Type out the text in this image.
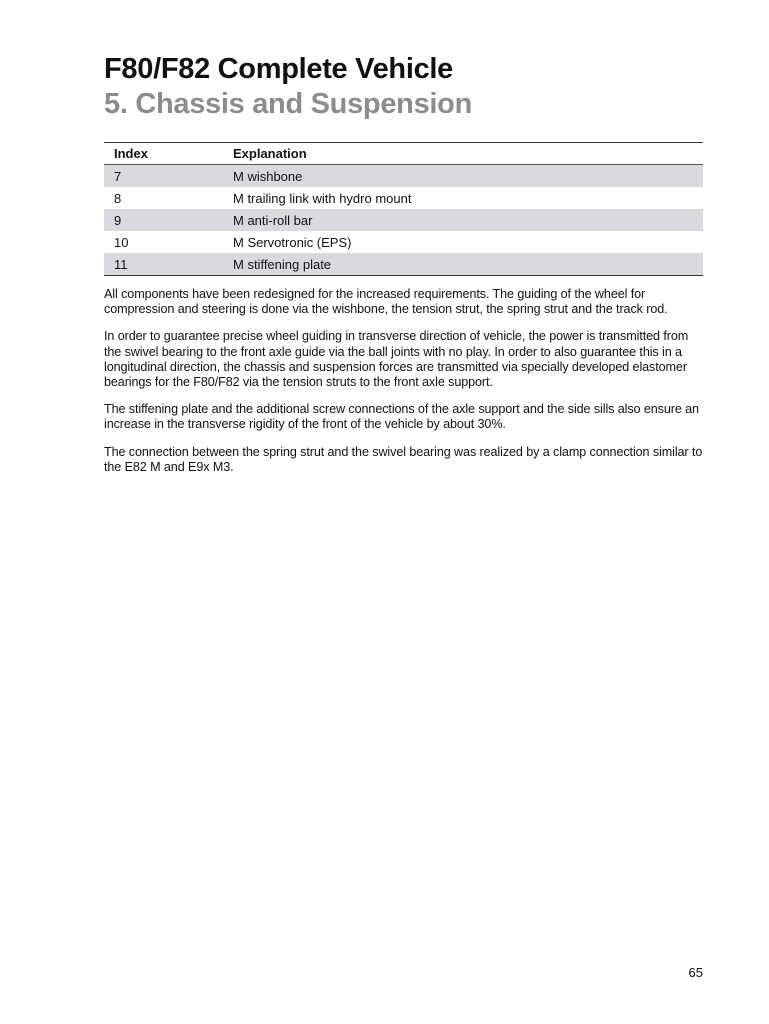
F80/F82 Complete Vehicle
5. Chassis and Suspension
Index	Explanation
7	M wishbone
8	M trailing link with hydro mount
9	M anti-roll bar
10	M Servotronic (EPS)
11	M stiffening plate

All components have been redesigned for the increased requirements. The guiding of the wheel for compression and steering is done via the wishbone, the tension strut, the spring strut and the track rod.

In order to guarantee precise wheel guiding in transverse direction of vehicle, the power is transmitted from the swivel bearing to the front axle guide via the ball joints with no play. In order to also guarantee this in a longitudinal direction, the chassis and suspension forces are transmitted via specially developed elastomer bearings for the F80/F82 via the tension struts to the front axle support.

The stiffening plate and the additional screw connections of the axle support and the side sills also ensure an increase in the transverse rigidity of the front of the vehicle by about 30%.

The connection between the spring strut and the swivel bearing was realized by a clamp connection similar to the E82 M and E9x M3.

65
